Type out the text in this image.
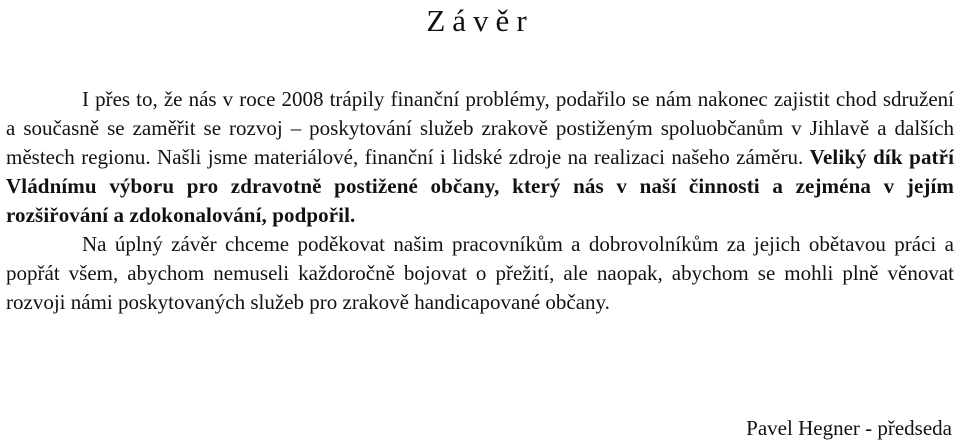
Závěr

I přes to, že nás v roce 2008 trápily finanční problémy, podařilo se nám nakonec zajistit chod sdružení a současně se zaměřit se rozvoj – poskytování služeb zrakově postiženým spoluobčanům v Jihlavě a dalších městech regionu. Našli jsme materiálové, finanční i lidské zdroje na realizaci našeho záměru. Veliký dík patří Vládnímu výboru pro zdravotně postižené občany, který nás v naší činnosti a zejména v jejím rozšiřování a zdokonalování, podpořil.

Na úplný závěr chceme poděkovat našim pracovníkům a dobrovolníkům za jejich obětavou práci a popřát všem, abychom nemuseli každoročně bojovat o přežití, ale naopak, abychom se mohli plně věnovat rozvoji námi poskytovaných služeb pro zrakově handicapované občany.

Pavel Hegner - předseda
